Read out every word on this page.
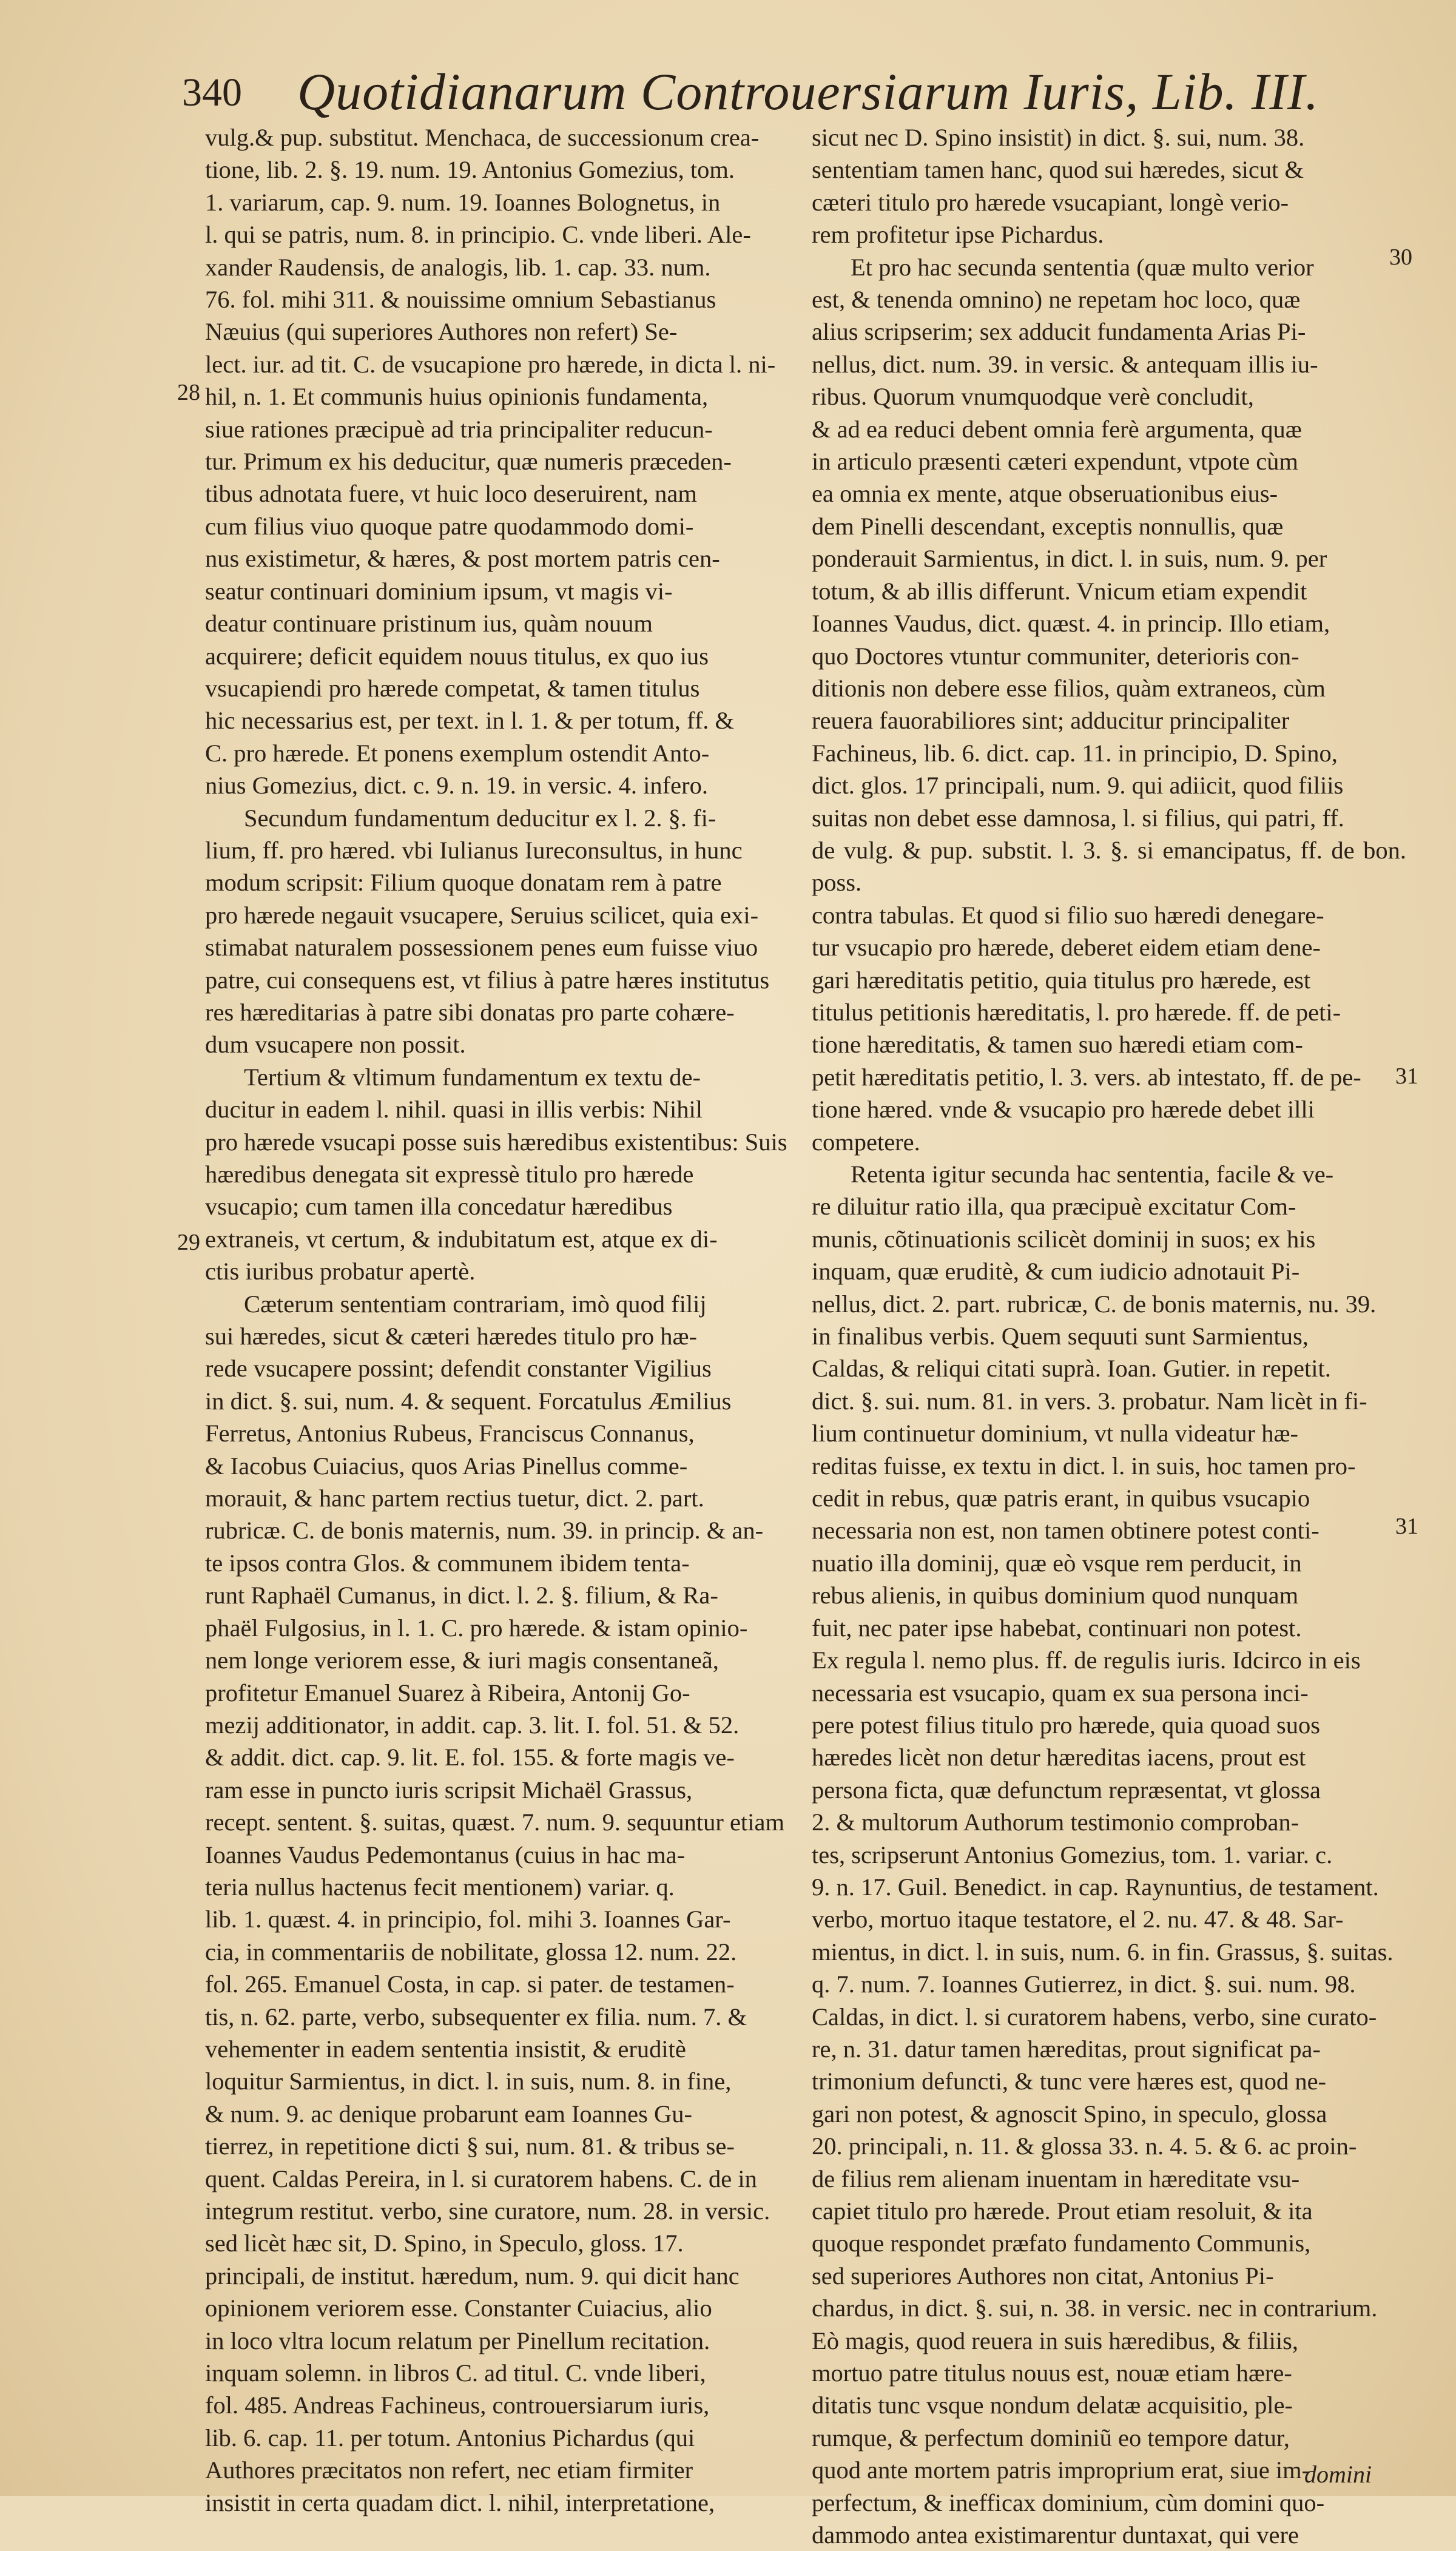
340 Quotidianarum Controuersiarum Iuris, Lib. III.
28
29
30
31
31

vulg.& pup. substitut. Menchaca, de successionum crea-
tione, lib. 2. §. 19. num. 19. Antonius Gomezius, tom.
1. variarum, cap. 9. num. 19. Ioannes Bolognetus, in
l. qui se patris, num. 8. in principio. C. vnde liberi. Ale-
xander Raudensis, de analogis, lib. 1. cap. 33. num.
76. fol. mihi 311. & nouissime omnium Sebastianus
Næuius (qui superiores Authores non refert) Se-
lect. iur. ad tit. C. de vsucapione pro hærede, in dicta l. ni-
hil, n. 1. Et communis huius opinionis fundamenta,
siue rationes præcipuè ad tria principaliter reducun-
tur. Primum ex his deducitur, quæ numeris præceden-
tibus adnotata fuere, vt huic loco deseruirent, nam
cum filius viuo quoque patre quodammodo domi-
nus existimetur, & hæres, & post mortem patris cen-
seatur continuari dominium ipsum, vt magis vi-
deatur continuare pristinum ius, quàm nouum
acquirere; deficit equidem nouus titulus, ex quo ius
vsucapiendi pro hærede competat, & tamen titulus
hic necessarius est, per text. in l. 1. & per totum, ff. &
C. pro hærede. Et ponens exemplum ostendit Anto-
nius Gomezius, dict. c. 9. n. 19. in versic. 4. infero.

Secundum fundamentum deducitur ex l. 2. §. fi-
lium, ff. pro hæred. vbi Iulianus Iureconsultus, in hunc
modum scripsit: Filium quoque donatam rem à patre
pro hærede negauit vsucapere, Seruius scilicet, quia exi-
stimabat naturalem possessionem penes eum fuisse viuo
patre, cui consequens est, vt filius à patre hæres institutus
res hæreditarias à patre sibi donatas pro parte cohære-
dum vsucapere non possit.

Tertium & vltimum fundamentum ex textu de-
ducitur in eadem l. nihil. quasi in illis verbis: Nihil
pro hærede vsucapi posse suis hæredibus existentibus: Suis
hæredibus denegata sit expressè titulo pro hærede
vsucapio; cum tamen illa concedatur hæredibus
extraneis, vt certum, & indubitatum est, atque ex di-
ctis iuribus probatur apertè.

Cæterum sententiam contrariam, imò quod filij
sui hæredes, sicut & cæteri hæredes titulo pro hæ-
rede vsucapere possint; defendit constanter Vigilius
in dict. §. sui, num. 4. & sequent. Forcatulus Æmilius
Ferretus, Antonius Rubeus, Franciscus Connanus,
& Iacobus Cuiacius, quos Arias Pinellus comme-
morauit, & hanc partem rectius tuetur, dict. 2. part.
rubricæ. C. de bonis maternis, num. 39. in princip. & an-
te ipsos contra Glos. & communem ibidem tenta-
runt Raphaël Cumanus, in dict. l. 2. §. filium, & Ra-
phaël Fulgosius, in l. 1. C. pro hærede. & istam opinio-
nem longe veriorem esse, & iuri magis consentaneã,
profitetur Emanuel Suarez à Ribeira, Antonij Go-
mezij additionator, in addit. cap. 3. lit. I. fol. 51. & 52.
& addit. dict. cap. 9. lit. E. fol. 155. & forte magis ve-
ram esse in puncto iuris scripsit Michaël Grassus,
recept. sentent. §. suitas, quæst. 7. num. 9. sequuntur etiam
Ioannes Vaudus Pedemontanus (cuius in hac ma-
teria nullus hactenus fecit mentionem) variar. q.
lib. 1. quæst. 4. in principio, fol. mihi 3. Ioannes Gar-
cia, in commentariis de nobilitate, glossa 12. num. 22.
fol. 265. Emanuel Costa, in cap. si pater. de testamen-
tis, n. 62. parte, verbo, subsequenter ex filia. num. 7. &
vehementer in eadem sententia insistit, & eruditè
loquitur Sarmientus, in dict. l. in suis, num. 8. in fine,
& num. 9. ac denique probarunt eam Ioannes Gu-
tierrez, in repetitione dicti § sui, num. 81. & tribus se-
quent. Caldas Pereira, in l. si curatorem habens. C. de in
integrum restitut. verbo, sine curatore, num. 28. in versic.
sed licèt hæc sit, D. Spino, in Speculo, gloss. 17.
principali, de institut. hæredum, num. 9. qui dicit hanc
opinionem veriorem esse. Constanter Cuiacius, alio
in loco vltra locum relatum per Pinellum recitation.
inquam solemn. in libros C. ad titul. C. vnde liberi,
fol. 485. Andreas Fachineus, controuersiarum iuris,
lib. 6. cap. 11. per totum. Antonius Pichardus (qui
Authores præcitatos non refert, nec etiam firmiter
insistit in certa quadam dict. l. nihil, interpretatione,

sicut nec D. Spino insistit) in dict. §. sui, num. 38.
sententiam tamen hanc, quod sui hæredes, sicut &
cæteri titulo pro hærede vsucapiant, longè verio-
rem profitetur ipse Pichardus.

Et pro hac secunda sententia (quæ multo verior
est, & tenenda omnino) ne repetam hoc loco, quæ
alius scripserim; sex adducit fundamenta Arias Pi-
nellus, dict. num. 39. in versic. & antequam illis iu-
ribus. Quorum vnumquodque verè concludit,
& ad ea reduci debent omnia ferè argumenta, quæ
in articulo præsenti cæteri expendunt, vtpote cùm
ea omnia ex mente, atque obseruationibus eius-
dem Pinelli descendant, exceptis nonnullis, quæ
ponderauit Sarmientus, in dict. l. in suis, num. 9. per
totum, & ab illis differunt. Vnicum etiam expendit
Ioannes Vaudus, dict. quæst. 4. in princip. Illo etiam,
quo Doctores vtuntur communiter, deterioris con-
ditionis non debere esse filios, quàm extraneos, cùm
reuera fauorabiliores sint; adducitur principaliter
Fachineus, lib. 6. dict. cap. 11. in principio, D. Spino,
dict. glos. 17 principali, num. 9. qui adiicit, quod filiis
suitas non debet esse damnosa, l. si filius, qui patri, ff.
de vulg. & pup. substit. l. 3. §. si emancipatus, ff. de bon. poss.
contra tabulas. Et quod si filio suo hæredi denegare-
tur vsucapio pro hærede, deberet eidem etiam dene-
gari hæreditatis petitio, quia titulus pro hærede, est
titulus petitionis hæreditatis, l. pro hærede. ff. de peti-
tione hæreditatis, & tamen suo hæredi etiam com-
petit hæreditatis petitio, l. 3. vers. ab intestato, ff. de pe-
tione hæred. vnde & vsucapio pro hærede debet illi
competere.

Retenta igitur secunda hac sententia, facile & ve-
re diluitur ratio illa, qua præcipuè excitatur Com-
munis, cõtinuationis scilicèt dominij in suos; ex his
inquam, quæ eruditè, & cum iudicio adnotauit Pi-
nellus, dict. 2. part. rubricæ, C. de bonis maternis, nu. 39.
in finalibus verbis. Quem sequuti sunt Sarmientus,
Caldas, & reliqui citati suprà. Ioan. Gutier. in repetit.
dict. §. sui. num. 81. in vers. 3. probatur. Nam licèt in fi-
lium continuetur dominium, vt nulla videatur hæ-
reditas fuisse, ex textu in dict. l. in suis, hoc tamen pro-
cedit in rebus, quæ patris erant, in quibus vsucapio
necessaria non est, non tamen obtinere potest conti-
nuatio illa dominij, quæ eò vsque rem perducit, in
rebus alienis, in quibus dominium quod nunquam
fuit, nec pater ipse habebat, continuari non potest.
Ex regula l. nemo plus. ff. de regulis iuris. Idcirco in eis
necessaria est vsucapio, quam ex sua persona inci-
pere potest filius titulo pro hærede, quia quoad suos
hæredes licèt non detur hæreditas iacens, prout est
persona ficta, quæ defunctum repræsentat, vt glossa
2. & multorum Authorum testimonio comproban-
tes, scripserunt Antonius Gomezius, tom. 1. variar. c.
9. n. 17. Guil. Benedict. in cap. Raynuntius, de testament.
verbo, mortuo itaque testatore, el 2. nu. 47. & 48. Sar-
mientus, in dict. l. in suis, num. 6. in fin. Grassus, §. suitas.
q. 7. num. 7. Ioannes Gutierrez, in dict. §. sui. num. 98.
Caldas, in dict. l. si curatorem habens, verbo, sine curato-
re, n. 31. datur tamen hæreditas, prout significat pa-
trimonium defuncti, & tunc vere hæres est, quod ne-
gari non potest, & agnoscit Spino, in speculo, glossa
20. principali, n. 11. & glossa 33. n. 4. 5. & 6. ac proin-
de filius rem alienam inuentam in hæreditate vsu-
capiet titulo pro hærede. Prout etiam resoluit, & ita
quoque respondet præfato fundamento Communis,
sed superiores Authores non citat, Antonius Pi-
chardus, in dict. §. sui, n. 38. in versic. nec in contrarium.
Eò magis, quod reuera in suis hæredibus, & filiis,
mortuo patre titulus nouus est, nouæ etiam hære-
ditatis tunc vsque nondum delatæ acquisitio, ple-
rumque, & perfectum dominiũ eo tempore datur,
quod ante mortem patris improprium erat, siue im-
perfectum, & inefficax dominium, cùm domini quo-
dammodo antea existimarentur duntaxat, qui vere

domini
